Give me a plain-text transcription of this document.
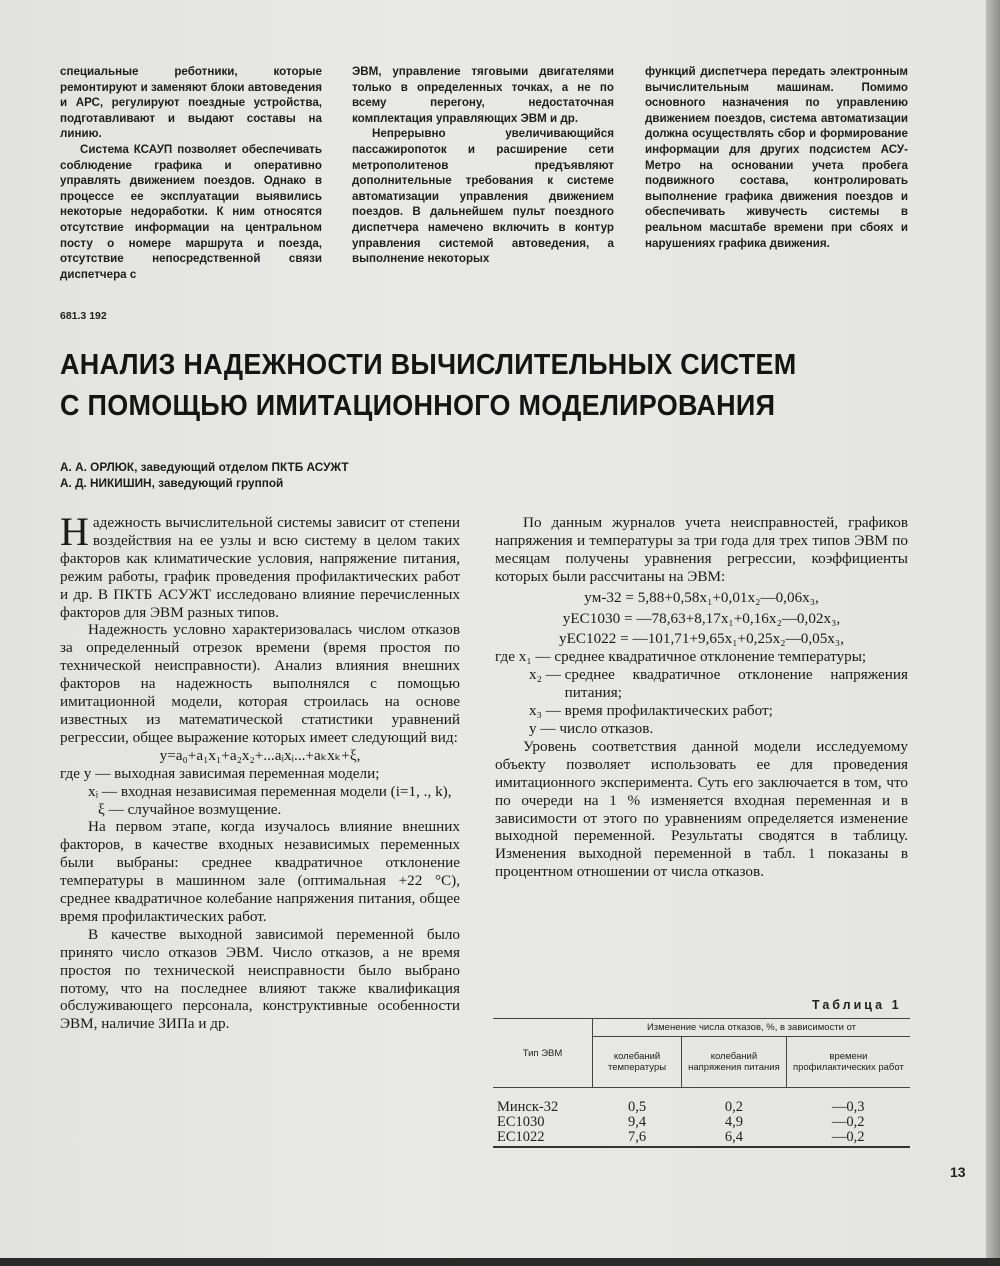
специальные реботники, которые ремонтируют и заменяют блоки автоведения и АРС, регулируют поездные устройства, подготавливают и выдают составы на линию.

Система КСАУП позволяет обеспечивать соблюдение графика и оперативно управлять движением поездов. Однако в процессе ее эксплуатации выявились некоторые недоработки. К ним относятся отсутствие информации на центральном посту о номере маршрута и поезда, отсутствие непосредственной связи диспетчера с

ЭВМ, управление тяговыми двигателями только в определенных точках, а не по всему перегону, недостаточная комплектация управляющих ЭВМ и др.

Непрерывно увеличивающийся пассажиропоток и расширение сети метрополитенов предъявляют дополнительные требования к системе автоматизации управления движением поездов. В дальнейшем пульт поездного диспетчера намечено включить в контур управления системой автоведения, а выполнение некоторых

функций диспетчера передать электронным вычислительным машинам. Помимо основного назначения по управлению движением поездов, система автоматизации должна осуществлять сбор и формирование информации для других подсистем АСУ-Метро на основании учета пробега подвижного состава, контролировать выполнение графика движения поездов и обеспечивать живучесть системы в реальном масштабе времени при сбоях и нарушениях графика движения.

681.3 192
АНАЛИЗ НАДЕЖНОСТИ ВЫЧИСЛИТЕЛЬНЫХ СИСТЕМ
С ПОМОЩЬЮ ИМИТАЦИОННОГО МОДЕЛИРОВАНИЯ
А. А. ОРЛЮК, заведующий отделом ПКТБ АСУЖТ
А. Д. НИКИШИН, заведующий группой

Надежность вычислительной системы зависит от степени воздействия на ее узлы и всю систему в целом таких факторов как климатические условия, напряжение питания, режим работы, график проведения профилактических работ и др. В ПКТБ АСУЖТ исследовано влияние перечисленных факторов для ЭВМ разных типов.

Надежность условно характеризовалась числом отказов за определенный отрезок времени (время простоя по технической неисправности). Анализ влияния внешних факторов на надежность выполнялся с помощью имитационной модели, которая строилась на основе известных из математической статистики уравнений регрессии, общее выражение которых имеет следующий вид:

y=a₀+a₁x₁+a₂x₂+...aᵢxᵢ...+aₖxₖ+ξ,

где y — выходная зависимая переменная модели;

xᵢ —
входная независимая переменная модели (i=1, ., k),
ξ —
случайное возмущение.

На первом этапе, когда изучалось влияние внешних факторов, в качестве входных независимых переменных были выбраны: среднее квадратичное отклонение температуры в машинном зале (оптимальная +22 °С), среднее квадратичное колебание напряжения питания, общее время профилактических работ.

В качестве выходной зависимой переменной было принято число отказов ЭВМ. Число отказов, а не время простоя по технической неисправности было выбрано потому, что на последнее влияют также квалификация обслуживающего персонала, конструктивные особенности ЭВМ, наличие ЗИПа и др.

По данным журналов учета неисправностей, графиков напряжения и температуры за три года для трех типов ЭВМ по месяцам получены уравнения регрессии, коэффициенты которых были рассчитаны на ЭВМ:

yм-32 = 5,88+0,58x₁+0,01x₂—0,06x₃,

yЕС1030 = —78,63+8,17x₁+0,16x₂—0,02x₃,

yЕС1022 = —101,71+9,65x₁+0,25x₂—0,05x₃,

где x₁ —
среднее квадратичное отклонение температуры;
x₂ —
среднее квадратичное отклонение напряжения питания;
x₃ —
время профилактических работ;
y —
число отказов.

Уровень соответствия данной модели исследуемому объекту позволяет использовать ее для проведения имитационного эксперимента. Суть его заключается в том, что по очереди на 1 % изменяется входная переменная и в зависимости от этого по уравнениям определяется изменение выходной переменной. Результаты сводятся в таблицу. Изменения выходной переменной в табл. 1 показаны в процентном отношении от числа отказов.

Таблица 1
Тип ЭВМ	Изменение числа отказов, %, в зависимости от		
	колебаний температуры	колебаний напряжения питания	времени профилактических работ
Минск-32	0,5	0,2	—0,3
ЕС1030	9,4	4,9	—0,2
ЕС1022	7,6	6,4	—0,2
13
